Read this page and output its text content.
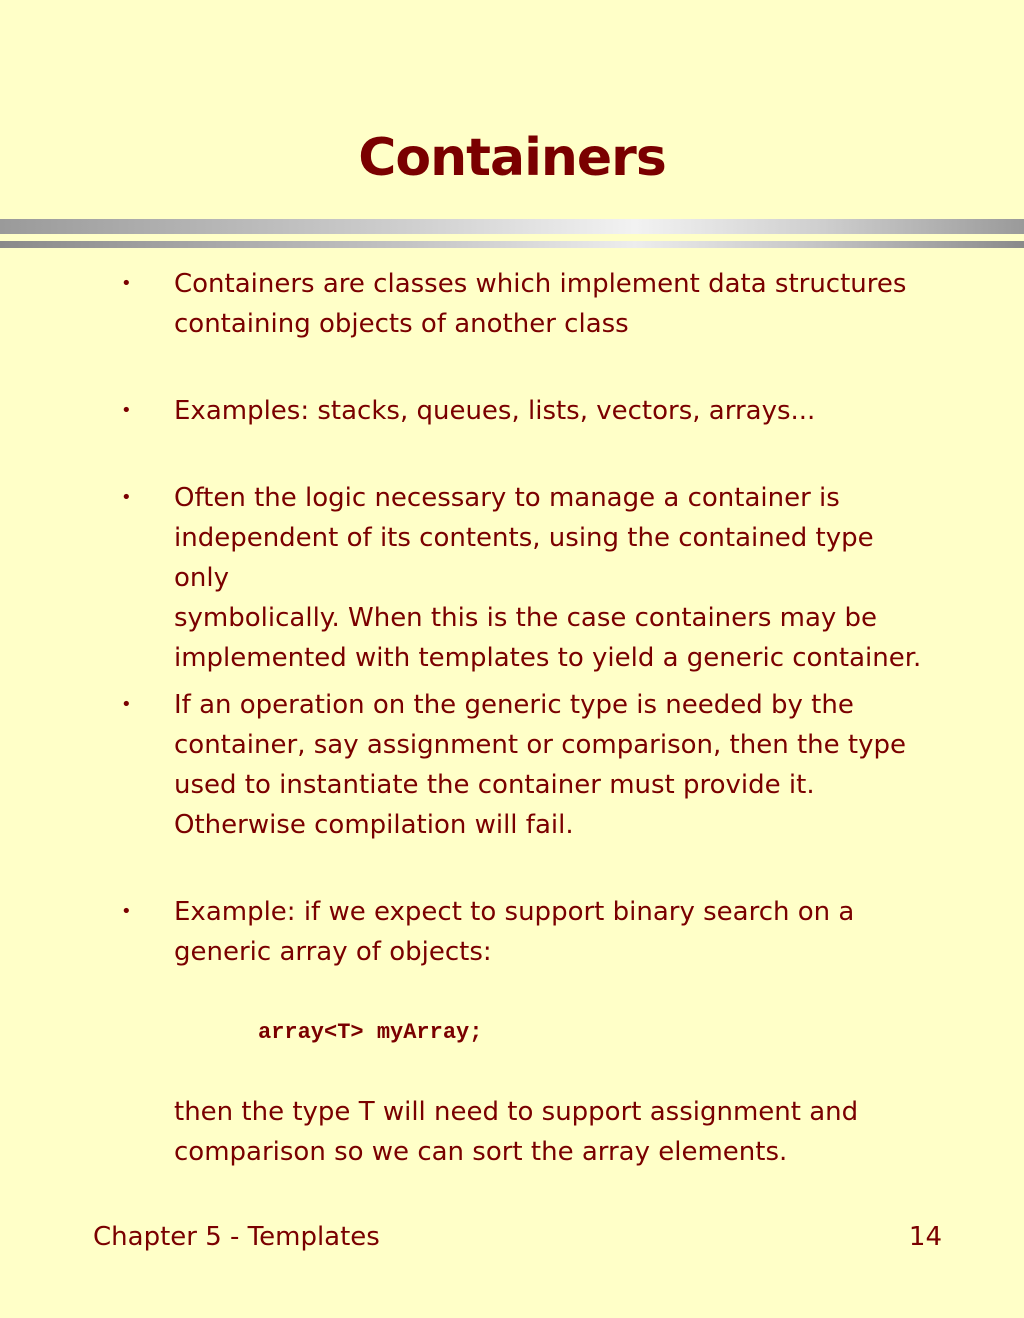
Containers
• Containers are classes which implement data structures
containing objects of another class

• Examples: stacks, queues, lists, vectors, arrays...

• Often the logic necessary to manage a container is
independent of its contents, using the contained type only
symbolically. When this is the case containers may be
implemented with templates to yield a generic container.

• If an operation on the generic type is needed by the
container, say assignment or comparison, then the type
used to instantiate the container must provide it.
Otherwise compilation will fail.

• Example: if we expect to support binary search on a
generic array of objects:

array<T> myArray;

then the type T will need to support assignment and
comparison so we can sort the array elements.

Chapter 5 - Templates	14
